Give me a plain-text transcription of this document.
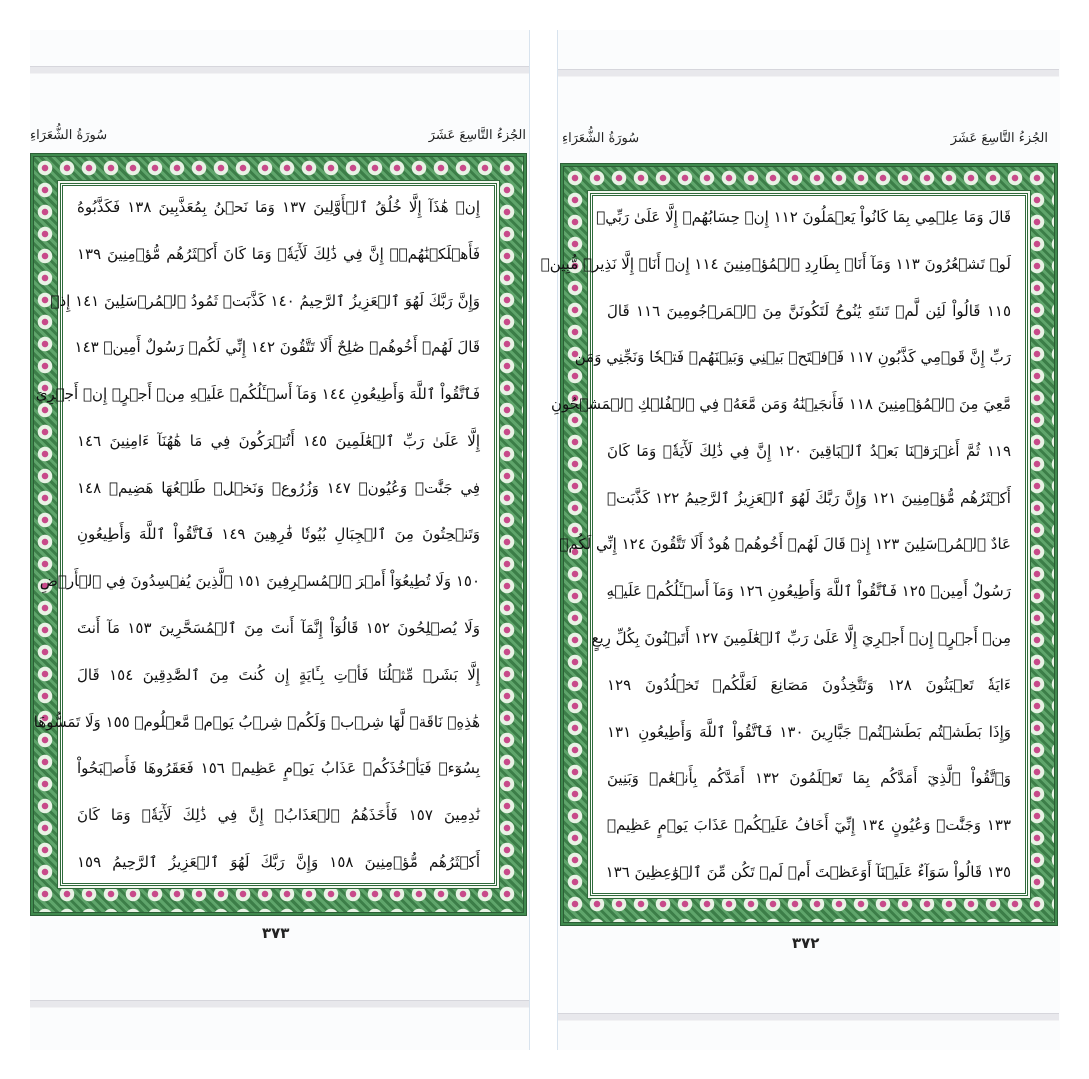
سُورَةُ الشُّعَرَاءِ	الجُزءُ التَّاسِعَ عَشَرَ
إِنۡ هَٰذَآ إِلَّا خُلُقُ ٱلۡأَوَّلِينَ ١٣٧ وَمَا نَحۡنُ بِمُعَذَّبِينَ ١٣٨ فَكَذَّبُوهُ
فَأَهۡلَكۡنَٰهُمۡۚ إِنَّ فِي ذَٰلِكَ لَأٓيَةٗۖ وَمَا كَانَ أَكۡثَرُهُم مُّؤۡمِنِينَ ١٣٩
وَإِنَّ رَبَّكَ لَهُوَ ٱلۡعَزِيزُ ٱلرَّحِيمُ ١٤٠ كَذَّبَتۡ ثَمُودُ ٱلۡمُرۡسَلِينَ ١٤١ إِذۡ
قَالَ لَهُمۡ أَخُوهُمۡ صَٰلِحٌ أَلَا تَتَّقُونَ ١٤٢ إِنِّي لَكُمۡ رَسُولٌ أَمِينٞ ١٤٣
فَٱتَّقُواْ ٱللَّهَ وَأَطِيعُونِ ١٤٤ وَمَآ أَسۡـَٔلُكُمۡ عَلَيۡهِ مِنۡ أَجۡرٍۖ إِنۡ أَجۡرِيَ
إِلَّا عَلَىٰ رَبِّ ٱلۡعَٰلَمِينَ ١٤٥ أَتُتۡرَكُونَ فِي مَا هَٰهُنَآ ءَامِنِينَ ١٤٦
فِي جَنَّٰتٖ وَعُيُونٖ ١٤٧ وَزُرُوعٖ وَنَخۡلٖ طَلۡعُهَا هَضِيمٞ ١٤٨
وَتَنۡحِتُونَ مِنَ ٱلۡجِبَالِ بُيُوتٗا فَٰرِهِينَ ١٤٩ فَٱتَّقُواْ ٱللَّهَ وَأَطِيعُونِ
١٥٠ وَلَا تُطِيعُوٓاْ أَمۡرَ ٱلۡمُسۡرِفِينَ ١٥١ ٱلَّذِينَ يُفۡسِدُونَ فِي ٱلۡأَرۡضِ
وَلَا يُصۡلِحُونَ ١٥٢ قَالُوٓاْ إِنَّمَآ أَنتَ مِنَ ٱلۡمُسَحَّرِينَ ١٥٣ مَآ أَنتَ
إِلَّا بَشَرٞ مِّثۡلُنَا فَأۡتِ بِـَٔايَةٍ إِن كُنتَ مِنَ ٱلصَّٰدِقِينَ ١٥٤ قَالَ
هَٰذِهِۦ نَاقَةٞ لَّهَا شِرۡبٞ وَلَكُمۡ شِرۡبُ يَوۡمٖ مَّعۡلُومٖ ١٥٥ وَلَا تَمَسُّوهَا
بِسُوٓءٖ فَيَأۡخُذَكُمۡ عَذَابُ يَوۡمٍ عَظِيمٖ ١٥٦ فَعَقَرُوهَا فَأَصۡبَحُواْ
نَٰدِمِينَ ١٥٧ فَأَخَذَهُمُ ٱلۡعَذَابُۚ إِنَّ فِي ذَٰلِكَ لَأٓيَةٗۖ وَمَا كَانَ
أَكۡثَرُهُم مُّؤۡمِنِينَ ١٥٨ وَإِنَّ رَبَّكَ لَهُوَ ٱلۡعَزِيزُ ٱلرَّحِيمُ ١٥٩
٣٧٣
سُورَةُ الشُّعَرَاءِ	الجُزءُ التَّاسِعَ عَشَرَ
قَالَ وَمَا عِلۡمِي بِمَا كَانُواْ يَعۡمَلُونَ ١١٢ إِنۡ حِسَابُهُمۡ إِلَّا عَلَىٰ رَبِّيۖ
لَوۡ تَشۡعُرُونَ ١١٣ وَمَآ أَنَا۠ بِطَارِدِ ٱلۡمُؤۡمِنِينَ ١١٤ إِنۡ أَنَا۠ إِلَّا نَذِيرٞ مُّبِينٞ
١١٥ قَالُواْ لَئِن لَّمۡ تَنتَهِ يَٰنُوحُ لَتَكُونَنَّ مِنَ ٱلۡمَرۡجُومِينَ ١١٦ قَالَ
رَبِّ إِنَّ قَوۡمِي كَذَّبُونِ ١١٧ فَٱفۡتَحۡ بَيۡنِي وَبَيۡنَهُمۡ فَتۡحٗا وَنَجِّنِي وَمَن
مَّعِيَ مِنَ ٱلۡمُؤۡمِنِينَ ١١٨ فَأَنجَيۡنَٰهُ وَمَن مَّعَهُۥ فِي ٱلۡفُلۡكِ ٱلۡمَشۡحُونِ
١١٩ ثُمَّ أَغۡرَقۡنَا بَعۡدُ ٱلۡبَاقِينَ ١٢٠ إِنَّ فِي ذَٰلِكَ لَأٓيَةٗۖ وَمَا كَانَ
أَكۡثَرُهُم مُّؤۡمِنِينَ ١٢١ وَإِنَّ رَبَّكَ لَهُوَ ٱلۡعَزِيزُ ٱلرَّحِيمُ ١٢٢ كَذَّبَتۡ
عَادٌ ٱلۡمُرۡسَلِينَ ١٢٣ إِذۡ قَالَ لَهُمۡ أَخُوهُمۡ هُودٌ أَلَا تَتَّقُونَ ١٢٤ إِنِّي لَكُمۡ
رَسُولٌ أَمِينٞ ١٢٥ فَٱتَّقُواْ ٱللَّهَ وَأَطِيعُونِ ١٢٦ وَمَآ أَسۡـَٔلُكُمۡ عَلَيۡهِ
مِنۡ أَجۡرٍۖ إِنۡ أَجۡرِيَ إِلَّا عَلَىٰ رَبِّ ٱلۡعَٰلَمِينَ ١٢٧ أَتَبۡنُونَ بِكُلِّ رِيعٍ
ءَايَةٗ تَعۡبَثُونَ ١٢٨ وَتَتَّخِذُونَ مَصَانِعَ لَعَلَّكُمۡ تَخۡلُدُونَ ١٢٩
وَإِذَا بَطَشۡتُم بَطَشۡتُمۡ جَبَّارِينَ ١٣٠ فَٱتَّقُواْ ٱللَّهَ وَأَطِيعُونِ ١٣١
وَٱتَّقُواْ ٱلَّذِيٓ أَمَدَّكُم بِمَا تَعۡلَمُونَ ١٣٢ أَمَدَّكُم بِأَنۡعَٰمٖ وَبَنِينَ
١٣٣ وَجَنَّٰتٖ وَعُيُونٍ ١٣٤ إِنِّيٓ أَخَافُ عَلَيۡكُمۡ عَذَابَ يَوۡمٍ عَظِيمٖ
١٣٥ قَالُواْ سَوَآءٌ عَلَيۡنَآ أَوَعَظۡتَ أَمۡ لَمۡ تَكُن مِّنَ ٱلۡوَٰعِظِينَ ١٣٦
٣٧٢
